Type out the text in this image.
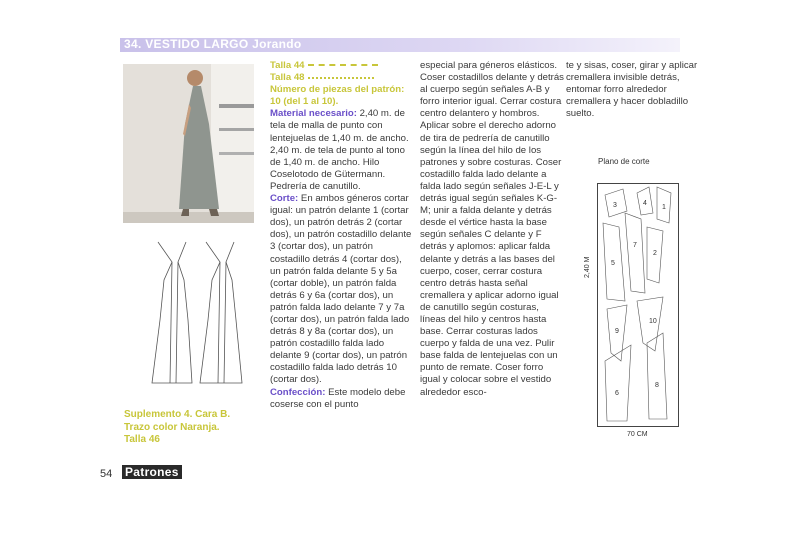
34. VESTIDO LARGO Jorando
Suplemento 4. Cara B.
Trazo color Naranja.
Talla 46
Talla 44
Talla 48

Número de piezas del patrón: 10 (del 1 al 10).

Material necesario: 2,40 m. de tela de malla de punto con lentejuelas de 1,40 m. de ancho. 2,40 m. de tela de punto al tono de 1,40 m. de ancho. Hilo Coselotodo de Gütermann. Pedrería de canutillo.

Corte: En ambos géneros cortar igual: un patrón delante 1 (cortar dos), un patrón detrás 2 (cortar dos), un patrón costadillo delante 3 (cortar dos), un patrón costadillo detrás 4 (cortar dos), un patrón falda delante 5 y 5a (cortar doble), un patrón falda detrás 6 y 6a (cortar dos), un patrón falda lado delante 7 y 7a (cortar dos), un patrón falda lado detrás 8 y 8a (cortar dos), un patrón costadillo falda lado delante 9 (cortar dos), un patrón costadillo falda lado detrás 10 (cortar dos).

Confección: Este modelo debe coserse con el punto

especial para géneros elásticos. Coser costadillos delante y detrás al cuerpo según señales A-B y forro interior igual. Cerrar costura centro delantero y hombros. Aplicar sobre el derecho adorno de tira de pedrería de canutillo según la línea del hilo de los patrones y sobre costuras. Coser costadillo falda lado delante a falda lado según señales J-E-L y detrás igual según señales K-G-M; unir a falda delante y detrás desde el vértice hasta la base según señales C delante y F detrás y aplomos: aplicar falda delante y detrás a las bases del cuerpo, coser, cerrar costura centro detrás hasta señal cremallera y aplicar adorno igual de canutillo según costuras, líneas del hilo y centros hasta base. Cerrar costuras lados cuerpo y falda de una vez. Pulir base falda de lentejuelas con un punto de remate. Coser forro igual y colocar sobre el vestido alrededor esco-

te y sisas, coser, girar y aplicar cremallera invisible detrás, entomar forro alrededor cremallera y hacer dobladillo suelto.

Plano de corte
3	4
1
7
2
5
9
10
8
6
2,40 M
70 CM
54 Patrones
